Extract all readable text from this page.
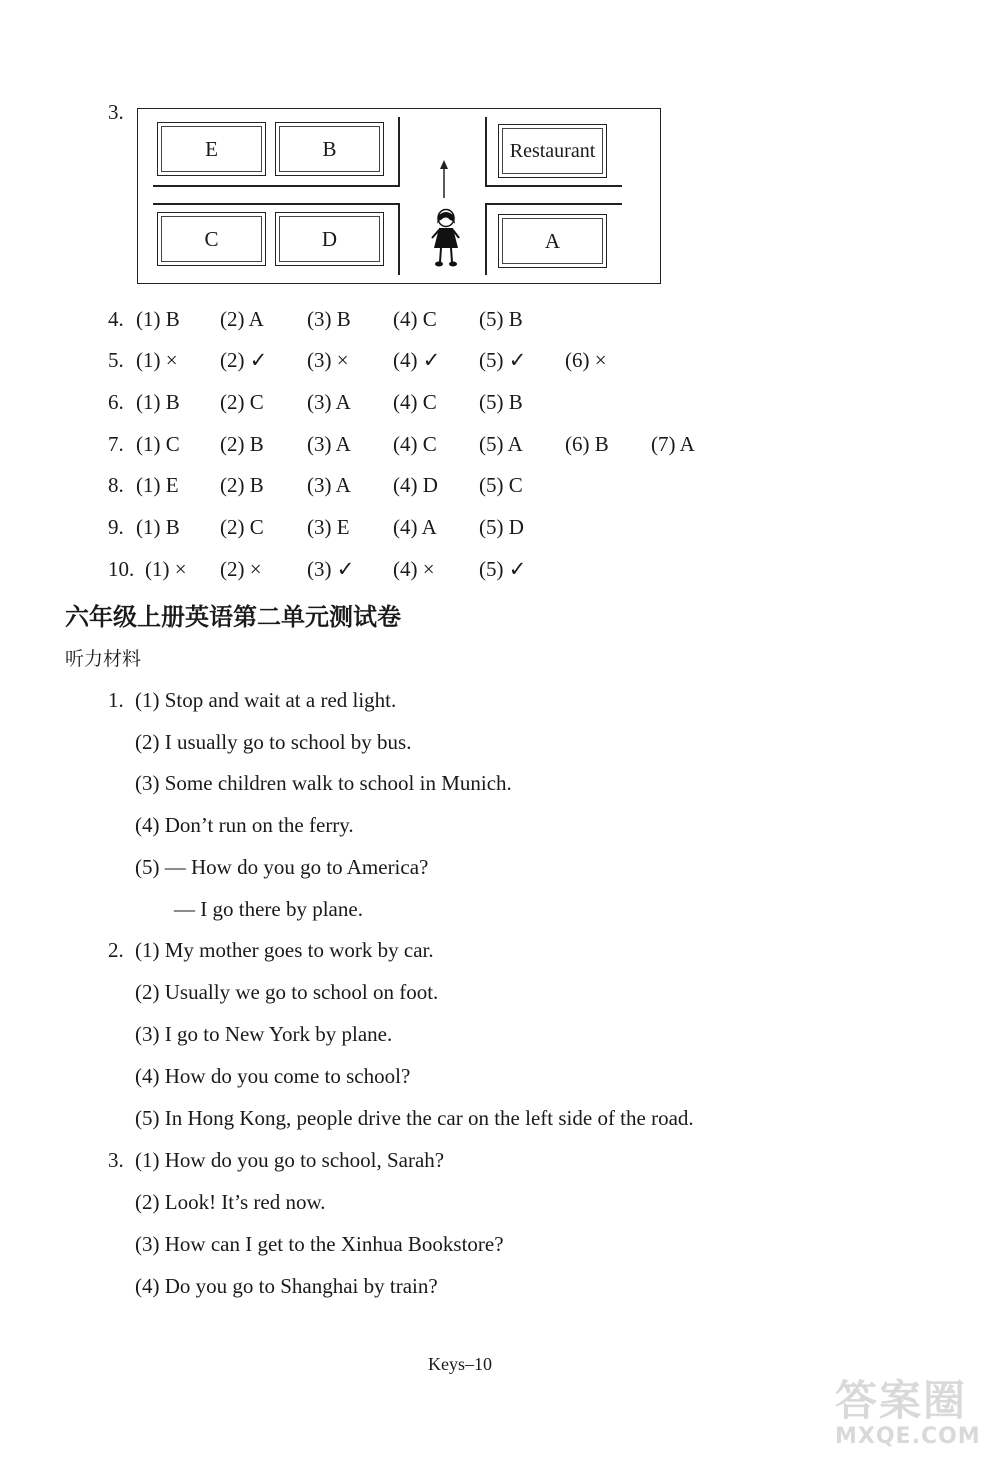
3.
E	B
C	D
Restaurant
A
4. (1) B (2) A (3) B (4) C (5) B
5. (1) × (2) ✓ (3) × (4) ✓ (5) ✓ (6) ×
6. (1) B (2) C (3) A (4) C (5) B
7. (1) C (2) B (3) A (4) C (5) A (6) B (7) A
8. (1) E (2) B (3) A (4) D (5) C
9. (1) B (2) C (3) E (4) A (5) D
10. (1) × (2) × (3) ✓ (4) × (5) ✓
六年级上册英语第二单元测试卷
听力材料
1. (1) Stop and wait at a red light.
(2) I usually go to school by bus.
(3) Some children walk to school in Munich.
(4) Don’t run on the ferry.
(5) — How do you go to America?
— I go there by plane.
2. (1) My mother goes to work by car.
(2) Usually we go to school on foot.
(3) I go to New York by plane.
(4) How do you come to school?
(5) In Hong Kong, people drive the car on the left side of the road.
3. (1) How do you go to school, Sarah?
(2) Look! It’s red now.
(3) How can I get to the Xinhua Bookstore?
(4) Do you go to Shanghai by train?
Keys–10
答案圈
MXQE.COM
